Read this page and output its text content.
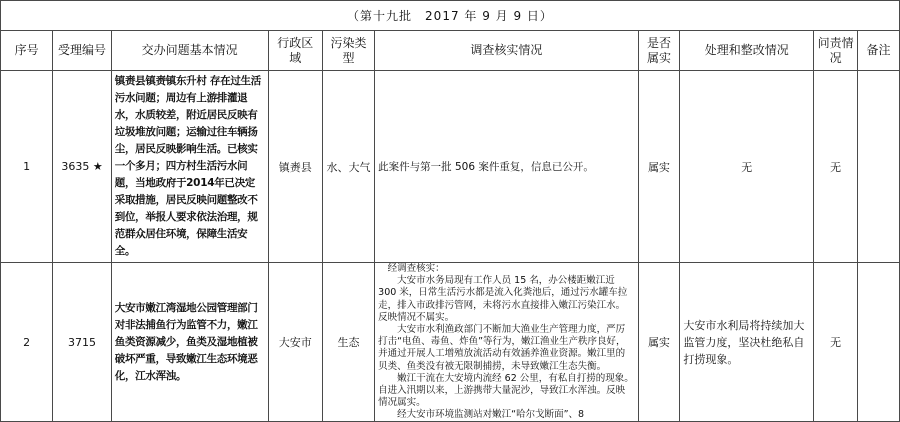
（第十九批　2017 年 9 月 9 日）									
序号	受理编号	交办问题基本情况	行政区域	污染类型	调查核实情况	是否属实	处理和整改情况	问责情况	备注
1	3635 ★	镇赉县镇赉镇东升村 存在过生活污水问题；周边有上游排灌退水，水质较差，附近居民反映有垃圾堆放问题；运输过往车辆扬尘，居民反映影响生活。已核实一个多月；四方村生活污水问题，当地政府于2014年已决定采取措施，居民反映问题整改不到位，举报人要求依法治理，规范群众居住环境，保障生活安全。	镇赉县	水、大气	此案件与第一批 506 案件重复，信息已公开。	属实	无	无	
2	3715	大安市嫩江湾湿地公园管理部门对非法捕鱼行为监管不力，嫩江鱼类资源减少，鱼类及湿地植被破坏严重，导致嫩江生态环境恶化，江水浑浊。	大安市	生态	经调查核实：

大安市水务局现有工作人员 15 名，办公楼距嫩江近 300 米，日常生活污水都是流入化粪池后，通过污水罐车拉走，排入市政排污管网，未将污水直接排入嫩江污染江水。反映情况不属实。

大安市水利渔政部门不断加大渔业生产管理力度，严厉打击“电鱼、毒鱼、炸鱼”等行为，嫩江渔业生产秩序良好，并通过开展人工增殖放流活动有效涵养渔业资源。嫩江里的贝类、鱼类没有被无限制捕捞，未导致嫩江生态失衡。

嫩江干流在大安境内流经 62 公里，有私自打捞的现象。自进入汛期以来，上游携带大量泥沙，导致江水浑浊。反映情况属实。

经大安市环境监测站对嫩江“哈尔戈断面”、8	属实	大安市水利局将持续加大监管力度，坚决杜绝私自打捞现象。	无	
